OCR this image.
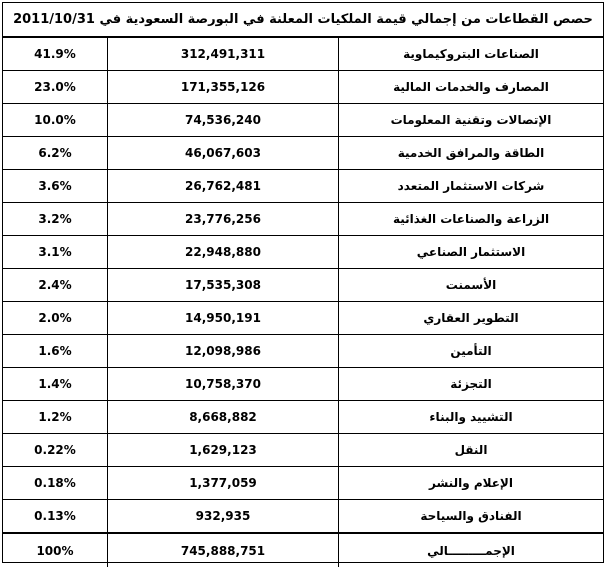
حصص القطاعات من إجمالي قيمة الملكيات المعلنة في البورصة السعودية في 2011/10/31
41.9%	312,491,311	الصناعات البتروكيماوية
23.0%	171,355,126	المصارف والخدمات المالية
10.0%	74,536,240	الإتصالات وتقنية المعلومات
6.2%	46,067,603	الطاقة والمرافق الخدمية
3.6%	26,762,481	شركات الاستثمار المتعدد
3.2%	23,776,256	الزراعة والصناعات الغذائية
3.1%	22,948,880	الاستثمار الصناعي
2.4%	17,535,308	الأسمنت
2.0%	14,950,191	التطوير العقاري
1.6%	12,098,986	التأمين
1.4%	10,758,370	التجزئة
1.2%	8,668,882	التشييد والبناء
0.22%	1,629,123	النقل
0.18%	1,377,059	الإعلام والنشر
0.13%	932,935	الفنادق والسياحة
100%	745,888,751	الإجمـــــــــالي
